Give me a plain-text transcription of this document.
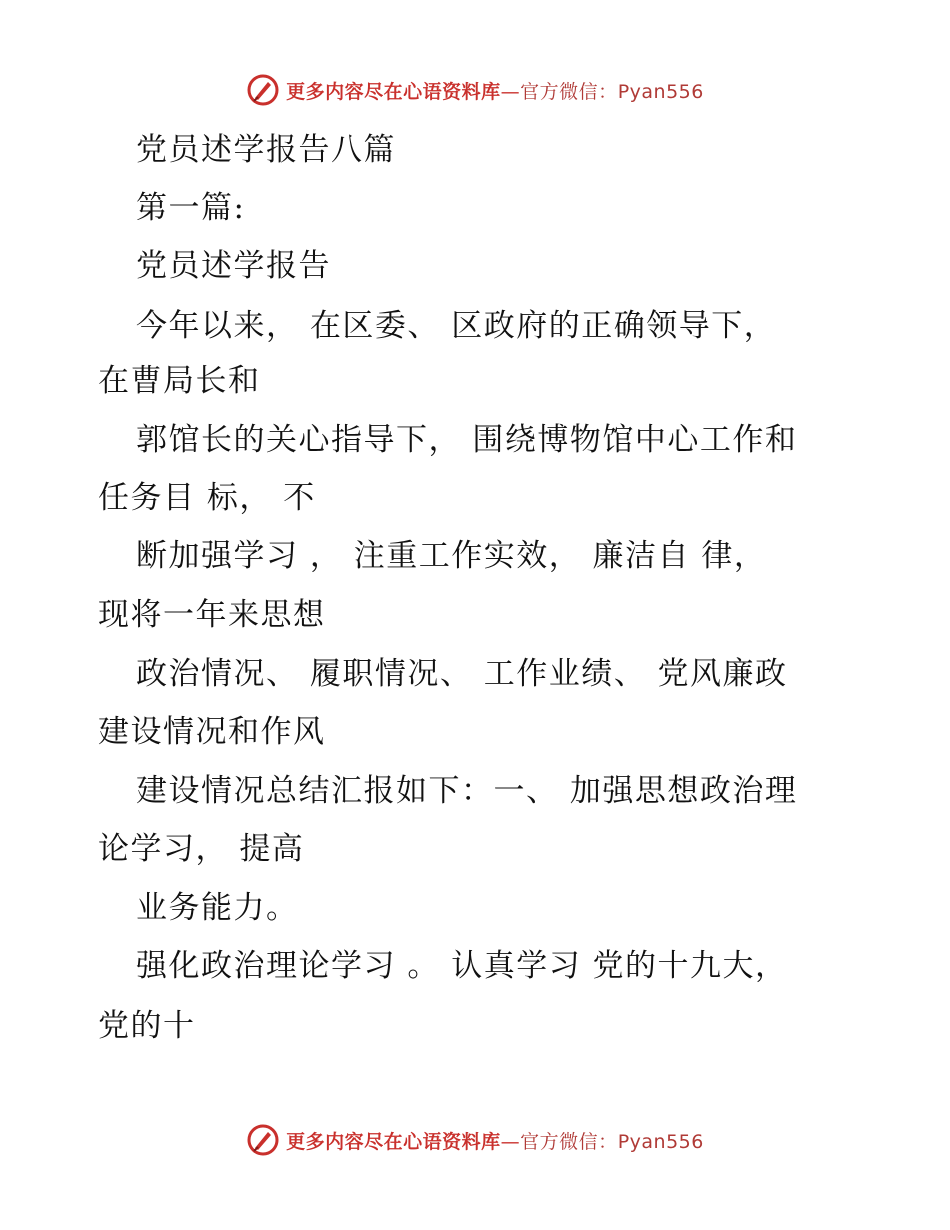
更多内容尽在心语资料库—官方微信：Pyan556
党员述学报告八篇
第一篇:
党员述学报告
今年以来， 在区委、 区政府的正确领导下，
在曹局长和
郭馆长的关心指导下， 围绕博物馆中心工作和
任务目 标， 不
断加强学习 ， 注重工作实效， 廉洁自 律，
现将一年来思想
政治情况、 履职情况、 工作业绩、 党风廉政
建设情况和作风
建设情况总结汇报如下：一、 加强思想政治理
论学习， 提高
业务能力。
强化政治理论学习 。 认真学习 党的十九大，
党的十
更多内容尽在心语资料库—官方微信：Pyan556
